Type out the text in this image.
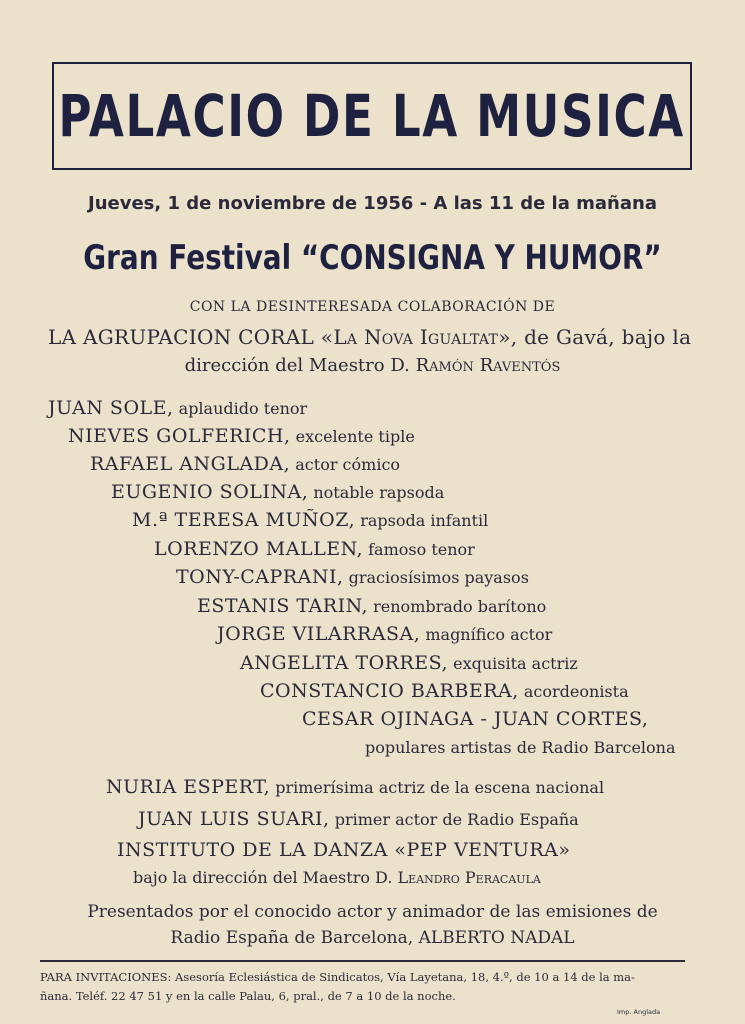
PALACIO DE LA MUSICA
Jueves, 1 de noviembre de 1956 - A las 11 de la mañana
Gran Festival “CONSIGNA Y HUMOR”
CON LA DESINTERESADA COLABORACIÓN DE
LA AGRUPACION CORAL «La Nova Igualtat», de Gavá, bajo la
dirección del Maestro D. Ramón Raventós
JUAN SOLE, aplaudido tenor
NIEVES GOLFERICH, excelente tiple
RAFAEL ANGLADA, actor cómico
EUGENIO SOLINA, notable rapsoda
M.ª TERESA MUÑOZ, rapsoda infantil
LORENZO MALLEN, famoso tenor
TONY-CAPRANI, graciosísimos payasos
ESTANIS TARIN, renombrado barítono
JORGE VILARRASA, magnífico actor
ANGELITA TORRES, exquisita actriz
CONSTANCIO BARBERA, acordeonista
CESAR OJINAGA - JUAN CORTES,
populares artistas de Radio Barcelona
NURIA ESPERT, primerísima actriz de la escena nacional
JUAN LUIS SUARI, primer actor de Radio España
INSTITUTO DE LA DANZA «PEP VENTURA»
bajo la dirección del Maestro D. Leandro Peracaula
Presentados por el conocido actor y animador de las emisiones de
Radio España de Barcelona, ALBERTO NADAL
PARA INVITACIONES: Asesoría Eclesiástica de Sindicatos, Vía Layetana, 18, 4.º, de 10 a 14 de la ma-
ñana. Teléf. 22 47 51 y en la calle Palau, 6, pral., de 7 a 10 de la noche.
Imp. Anglada
